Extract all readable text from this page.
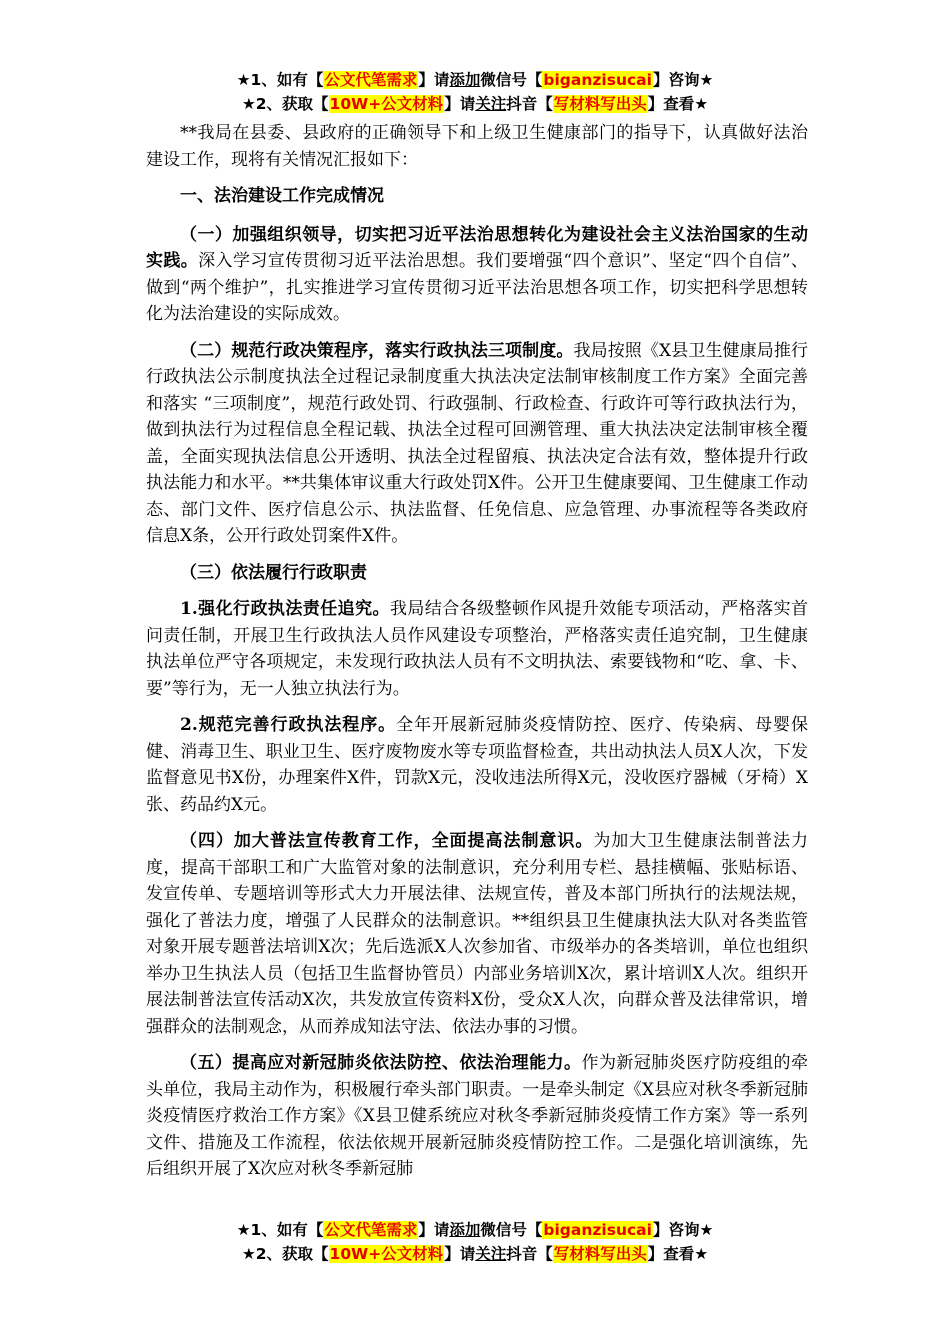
★1、如有【公文代笔需求】请添加微信号【biganzisucai】咨询★
★2、获取【10W+公文材料】请关注抖音【写材料写出头】查看★

**我局在县委、县政府的正确领导下和上级卫生健康部门的指导下，认真做好法治建设工作，现将有关情况汇报如下：

一、法治建设工作完成情况

（一）加强组织领导，切实把习近平法治思想转化为建设社会主义法治国家的生动实践。深入学习宣传贯彻习近平法治思想。我们要增强“四个意识”、坚定“四个自信”、做到“两个维护”，扎实推进学习宣传贯彻习近平法治思想各项工作，切实把科学思想转化为法治建设的实际成效。

（二）规范行政决策程序，落实行政执法三项制度。我局按照《X县卫生健康局推行行政执法公示制度执法全过程记录制度重大执法决定法制审核制度工作方案》全面完善和落实 “三项制度”，规范行政处罚、行政强制、行政检查、行政许可等行政执法行为，做到执法行为过程信息全程记载、执法全过程可回溯管理、重大执法决定法制审核全覆盖，全面实现执法信息公开透明、执法全过程留痕、执法决定合法有效，整体提升行政执法能力和水平。**共集体审议重大行政处罚X件。公开卫生健康要闻、卫生健康工作动态、部门文件、医疗信息公示、执法监督、任免信息、应急管理、办事流程等各类政府信息X条，公开行政处罚案件X件。

（三）依法履行行政职责

1.强化行政执法责任追究。我局结合各级整顿作风提升效能专项活动，严格落实首问责任制，开展卫生行政执法人员作风建设专项整治，严格落实责任追究制，卫生健康执法单位严守各项规定，未发现行政执法人员有不文明执法、索要钱物和“吃、拿、卡、要”等行为，无一人独立执法行为。

2.规范完善行政执法程序。全年开展新冠肺炎疫情防控、医疗、传染病、母婴保健、消毒卫生、职业卫生、医疗废物废水等专项监督检查，共出动执法人员X人次，下发监督意见书X份，办理案件X件，罚款X元，没收违法所得X元，没收医疗器械（牙椅）X张、药品约X元。

（四）加大普法宣传教育工作，全面提高法制意识。为加大卫生健康法制普法力度，提高干部职工和广大监管对象的法制意识，充分利用专栏、悬挂横幅、张贴标语、发宣传单、专题培训等形式大力开展法律、法规宣传，普及本部门所执行的法规法规，强化了普法力度，增强了人民群众的法制意识。**组织县卫生健康执法大队对各类监管对象开展专题普法培训X次；先后选派X人次参加省、市级举办的各类培训，单位也组织举办卫生执法人员（包括卫生监督协管员）内部业务培训X次，累计培训X人次。组织开展法制普法宣传活动X次，共发放宣传资料X份，受众X人次，向群众普及法律常识，增强群众的法制观念，从而养成知法守法、依法办事的习惯。

（五）提高应对新冠肺炎依法防控、依法治理能力。作为新冠肺炎医疗防疫组的牵头单位，我局主动作为，积极履行牵头部门职责。一是牵头制定《X县应对秋冬季新冠肺炎疫情医疗救治工作方案》《X县卫健系统应对秋冬季新冠肺炎疫情工作方案》等一系列文件、措施及工作流程，依法依规开展新冠肺炎疫情防控工作。二是强化培训演练，先后组织开展了X次应对秋冬季新冠肺

★1、如有【公文代笔需求】请添加微信号【biganzisucai】咨询★
★2、获取【10W+公文材料】请关注抖音【写材料写出头】查看★
